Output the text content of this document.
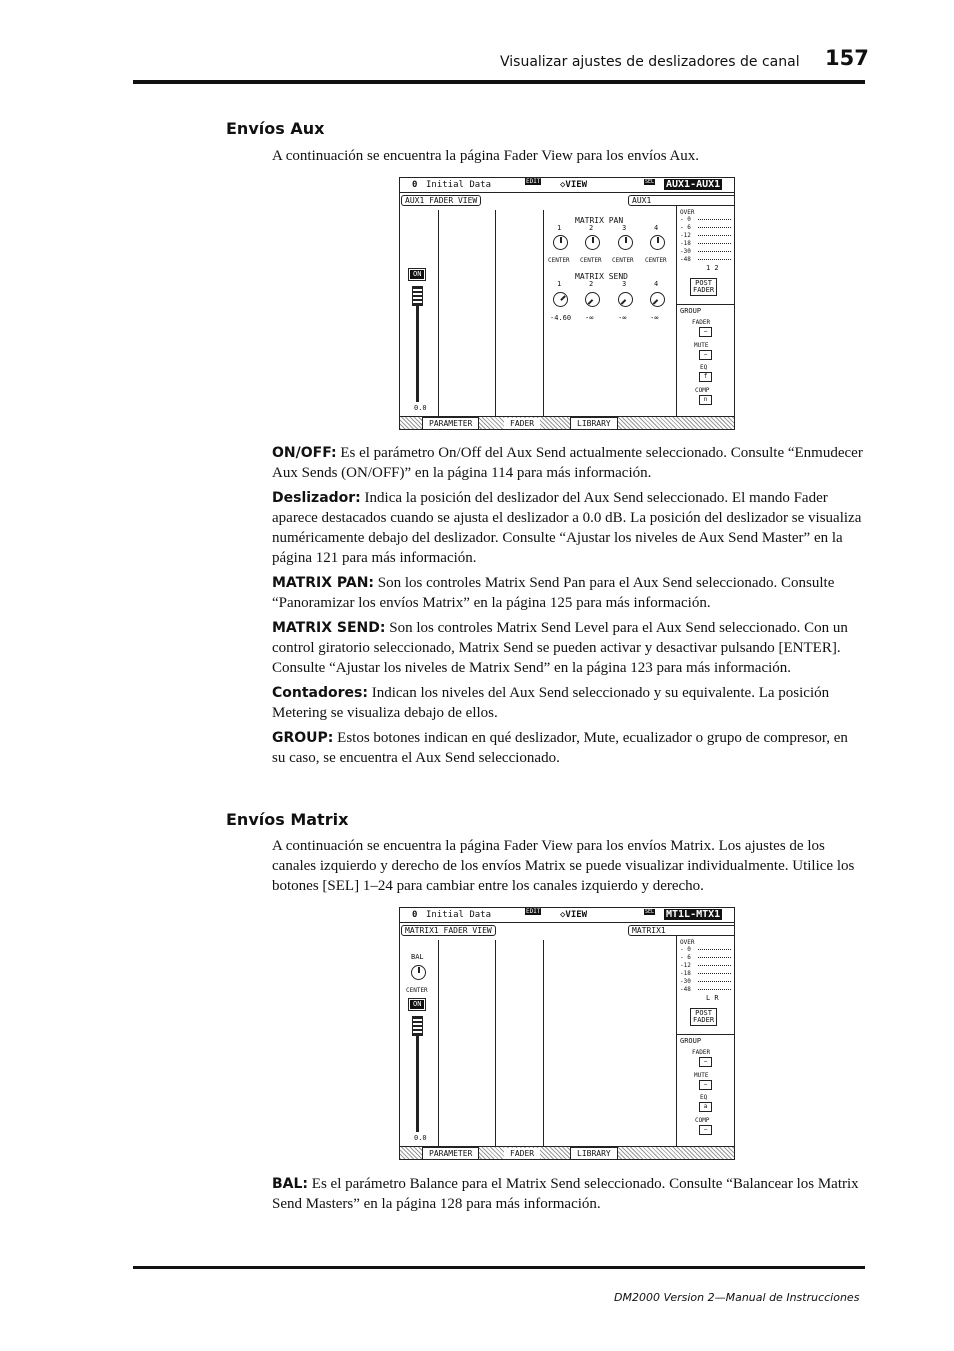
Visualizar ajustes de deslizadores de canal 157
Envíos Aux

A continuación se encuentra la página Fader View para los envíos Aux.

0 Initial Data	EDIT ◇VIEW	SEL AUX1-AUX1
AUX1 FADER VIEW	AUX1
ON
0.0
MATRIX PAN
1	2	3	4
CENTER CENTER CENTER CENTER
MATRIX SEND
1	2	3	4
-4.60 -∞	-∞	-∞
OVER
- 0
- 6
-12
-18
-30
-48
1 2
POST
FADER
GROUP
FADER
−
MUTE
−
EQ
f
COMP
n
PARAMETER	FADER	LIBRARY

ON/OFF: Es el parámetro On/Off del Aux Send actualmente seleccionado. Consulte “Enmudecer Aux Sends (ON/OFF)” en la página 114 para más información.

Deslizador: Indica la posición del deslizador del Aux Send seleccionado. El mando Fader aparece destacados cuando se ajusta el deslizador a 0.0 dB. La posición del deslizador se visualiza numéricamente debajo del deslizador. Consulte “Ajustar los niveles de Aux Send Master” en la página 121 para más información.

MATRIX PAN: Son los controles Matrix Send Pan para el Aux Send seleccionado. Consulte “Panoramizar los envíos Matrix” en la página 125 para más información.

MATRIX SEND: Son los controles Matrix Send Level para el Aux Send seleccionado. Con un control giratorio seleccionado, Matrix Send se pueden activar y desactivar pulsando [ENTER]. Consulte “Ajustar los niveles de Matrix Send” en la página 123 para más información.

Contadores: Indican los niveles del Aux Send seleccionado y su equivalente. La posición Metering se visualiza debajo de ellos.

GROUP: Estos botones indican en qué deslizador, Mute, ecualizador o grupo de compresor, en su caso, se encuentra el Aux Send seleccionado.

Envíos Matrix

A continuación se encuentra la página Fader View para los envíos Matrix. Los ajustes de los canales izquierdo y derecho de los envíos Matrix se puede visualizar individualmente. Utilice los botones [SEL] 1–24 para cambiar entre los canales izquierdo y derecho.

0 Initial Data	EDIT ◇VIEW	SEL MT1L-MTX1
MATRIX1 FADER VIEW	MATRIX1
BAL
CENTER
ON
0.0
OVER
- 0
- 6
-12
-18
-30
-48
L R
POST
FADER
GROUP
FADER
−
MUTE
−
EQ
a
COMP
−
PARAMETER	FADER	LIBRARY

BAL: Es el parámetro Balance para el Matrix Send seleccionado. Consulte “Balancear los Matrix Send Masters” en la página 128 para más información.

DM2000 Version 2—Manual de Instrucciones
